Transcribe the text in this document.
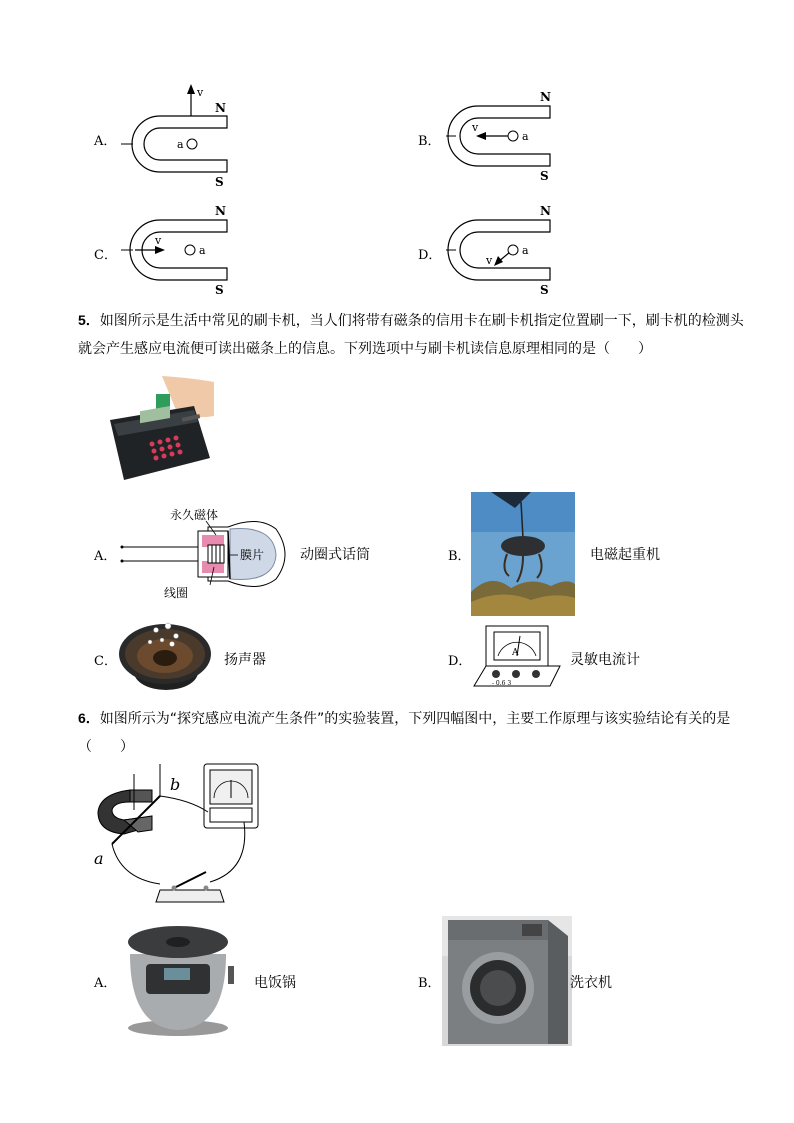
A．
v
N
a
S
B．
v
N
a
S
C．
v
N
a
S
D．	v
N
a
S
5．如图所示是生活中常见的刷卡机，当人们将带有磁条的信用卡在刷卡机指定位置刷一下，刷卡机的检测头就会产生感应电流便可读出磁条上的信息。下列选项中与刷卡机读信息原理相同的是（　　）
A．
永久磁体
膜片
线圈
动圈式话筒	B．	电磁起重机
C．	扬声器	D．
A
- 0.6 3
灵敏电流计
6．如图所示为“探究感应电流产生条件”的实验装置，下列四幅图中，主要工作原理与该实验结论有关的是（　　）
a
b
A．	电饭锅	B．	洗衣机
